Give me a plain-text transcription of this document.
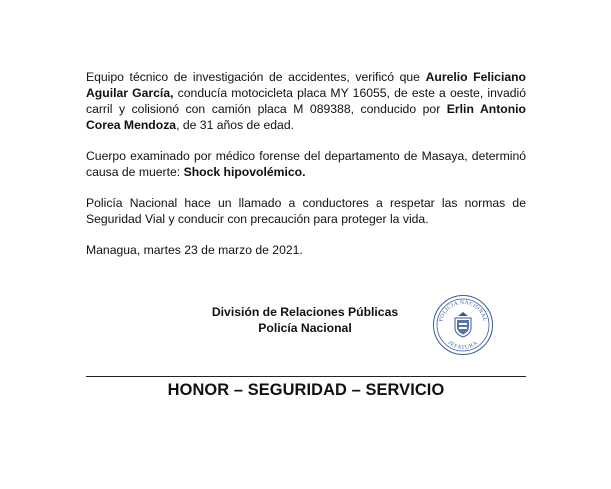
Equipo técnico de investigación de accidentes, verificó que Aurelio Feliciano Aguilar García, conducía motocicleta placa MY 16055, de este a oeste, invadió carril y colisionó con camión placa M 089388, conducido por Erlin Antonio Corea Mendoza, de 31 años de edad.

Cuerpo examinado por médico forense del departamento de Masaya, determinó causa de muerte: Shock hipovolémico.

Policía Nacional hace un llamado a conductores a respetar las normas de Seguridad Vial y conducir con precaución para proteger la vida.

Managua, martes 23 de marzo de 2021.

División de Relaciones Públicas
Policía Nacional
POLICIA NACIONAL
JEFATURA
HONOR – SEGURIDAD – SERVICIO
